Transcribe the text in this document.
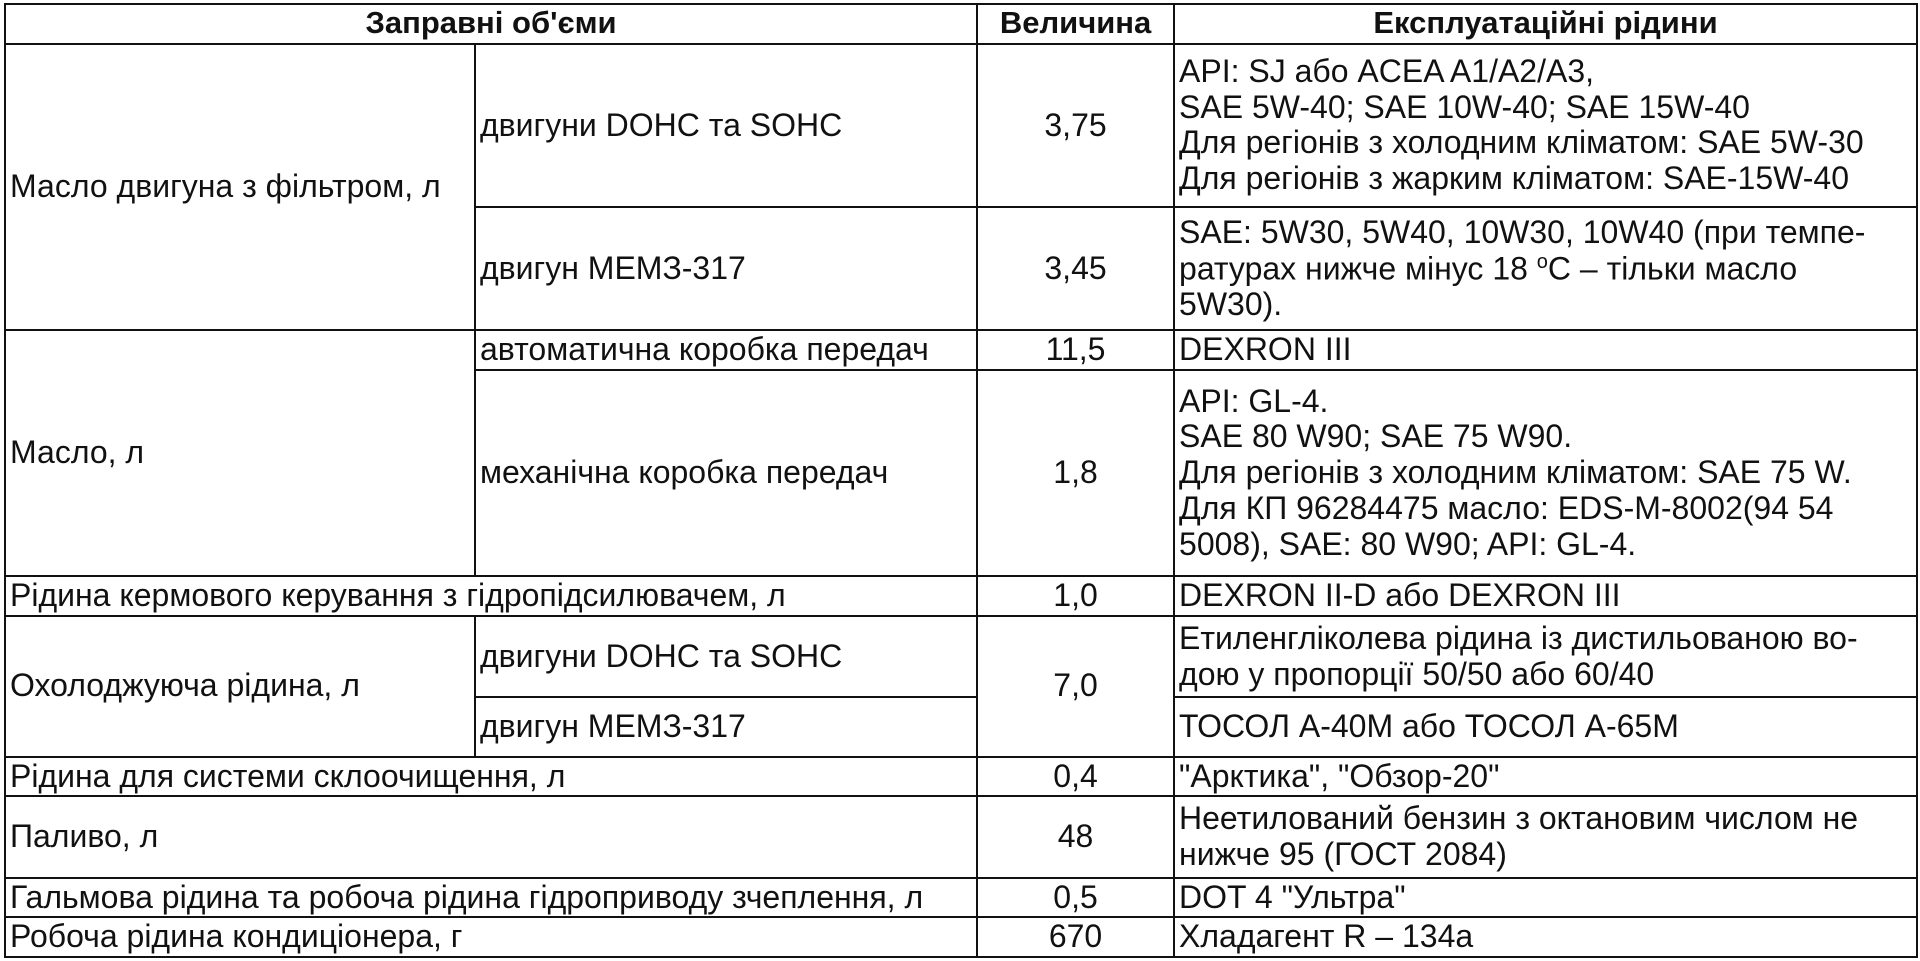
Заправні об'єми		Величина	Експлуатаційні рідини
Масло двигуна з фільтром, л	двигуни DOHC та SOHC	3,75	API: SJ або ACEA A1/A2/A3,
SAE 5W-40; SAE 10W-40; SAE 15W-40
Для регіонів з холодним кліматом: SAE 5W-30
Для регіонів з жарким кліматом: SAE-15W-40
	двигун МЕМЗ-317	3,45	SAE: 5W30, 5W40, 10W30, 10W40 (при темпе-
ратурах нижче мінус 18 $^o$C – тільки масло
5W30).
Масло, л	автоматична коробка передач	11,5	DEXRON III
	механічна коробка передач	1,8	API: GL-4.
SAE 80 W90; SAE 75 W90.
Для регіонів з холодним кліматом: SAE 75 W.
Для КП 96284475 масло: EDS-M-8002(94 54
5008), SAE: 80 W90; API: GL-4.
Рідина кермового керування з гідропідсилювачем, л		1,0	DEXRON II-D або DEXRON III
Охолоджуюча рідина, л	двигуни DOHC та SOHC	7,0	Етиленгліколева рідина із дистильованою во-
дою у пропорції 50/50 або 60/40
	двигун МЕМЗ-317		ТОСОЛ А-40М або ТОСОЛ А-65М
Рідина для системи склоочищення, л		0,4	"Арктика", "Обзор-20"
Паливо, л		48	Неетилований бензин з октановим числом не
нижче 95 (ГОСТ 2084)
Гальмова рідина та робоча рідина гідроприводу зчеплення, л		0,5	DOT 4 "Ультра"
Робоча рідина кондиціонера, г		670	Хладагент R – 134а
